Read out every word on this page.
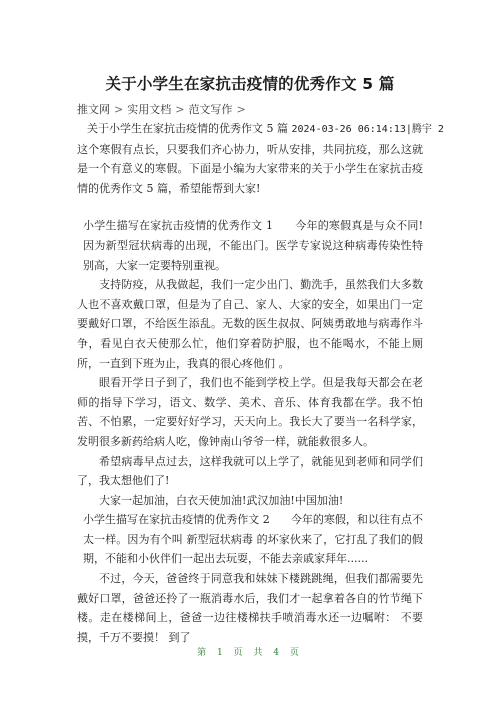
关于小学生在家抗击疫情的优秀作文 5 篇
推文网 > 实用文档 > 范文写作 >

关于小学生在家抗击疫情的优秀作文 5 篇 2024-03-26 06:14:13|腾宇 2

这个寒假有点长，只要我们齐心协力，听从安排，共同抗疫，那么这就是一个有意义的寒假。下面是小编为大家带来的关于小学生在家抗击疫情的优秀作文 5 篇，希望能帮到大家!

小学生描写在家抗击疫情的优秀作文 1 今年的寒假真是与众不同!因为新型冠状病毒的出现，不能出门。医学专家说这种病毒传染性特别高，大家一定要特别重视。

支持防疫，从我做起，我们一定少出门、勤洗手，虽然我们大多数人也不喜欢戴口罩，但是为了自己、家人、大家的安全，如果出门一定要戴好口罩，不给医生添乱。无数的医生叔叔、阿姨勇敢地与病毒作斗争，看见白衣天使那么忙，他们穿着防护服，也不能喝水，不能上厕所，一直到下班为止，我真的很心疼他们 。

眼看开学日子到了，我们也不能到学校上学。但是我每天都会在老师的指导下学习，语文、数学、美术、音乐、体育我都在学。我不怕苦、不怕累，一定要好好学习，天天向上。我长大了要当一名科学家，发明很多新药给病人吃，像钟南山爷爷一样，就能救很多人。

希望病毒早点过去，这样我就可以上学了，就能见到老师和同学们了，我太想他们了!

大家一起加油，白衣天使加油!武汉加油!中国加油!

小学生描写在家抗击疫情的优秀作文 2 今年的寒假，和以往有点不太一样。因为有个叫 新型冠状病毒 的坏家伙来了，它打乱了我们的假期，不能和小伙伴们一起出去玩耍，不能去亲戚家拜年......

不过，今天，爸爸终于同意我和妹妹下楼跳跳绳，但我们都需要先戴好口罩，爸爸还拎了一瓶消毒水后，我们才一起拿着各自的竹节绳下楼。走在楼梯间上，爸爸一边往楼梯扶手喷消毒水还一边嘱咐： 不要摸，千万不要摸！ 到了

第 1 页 共 4 页
